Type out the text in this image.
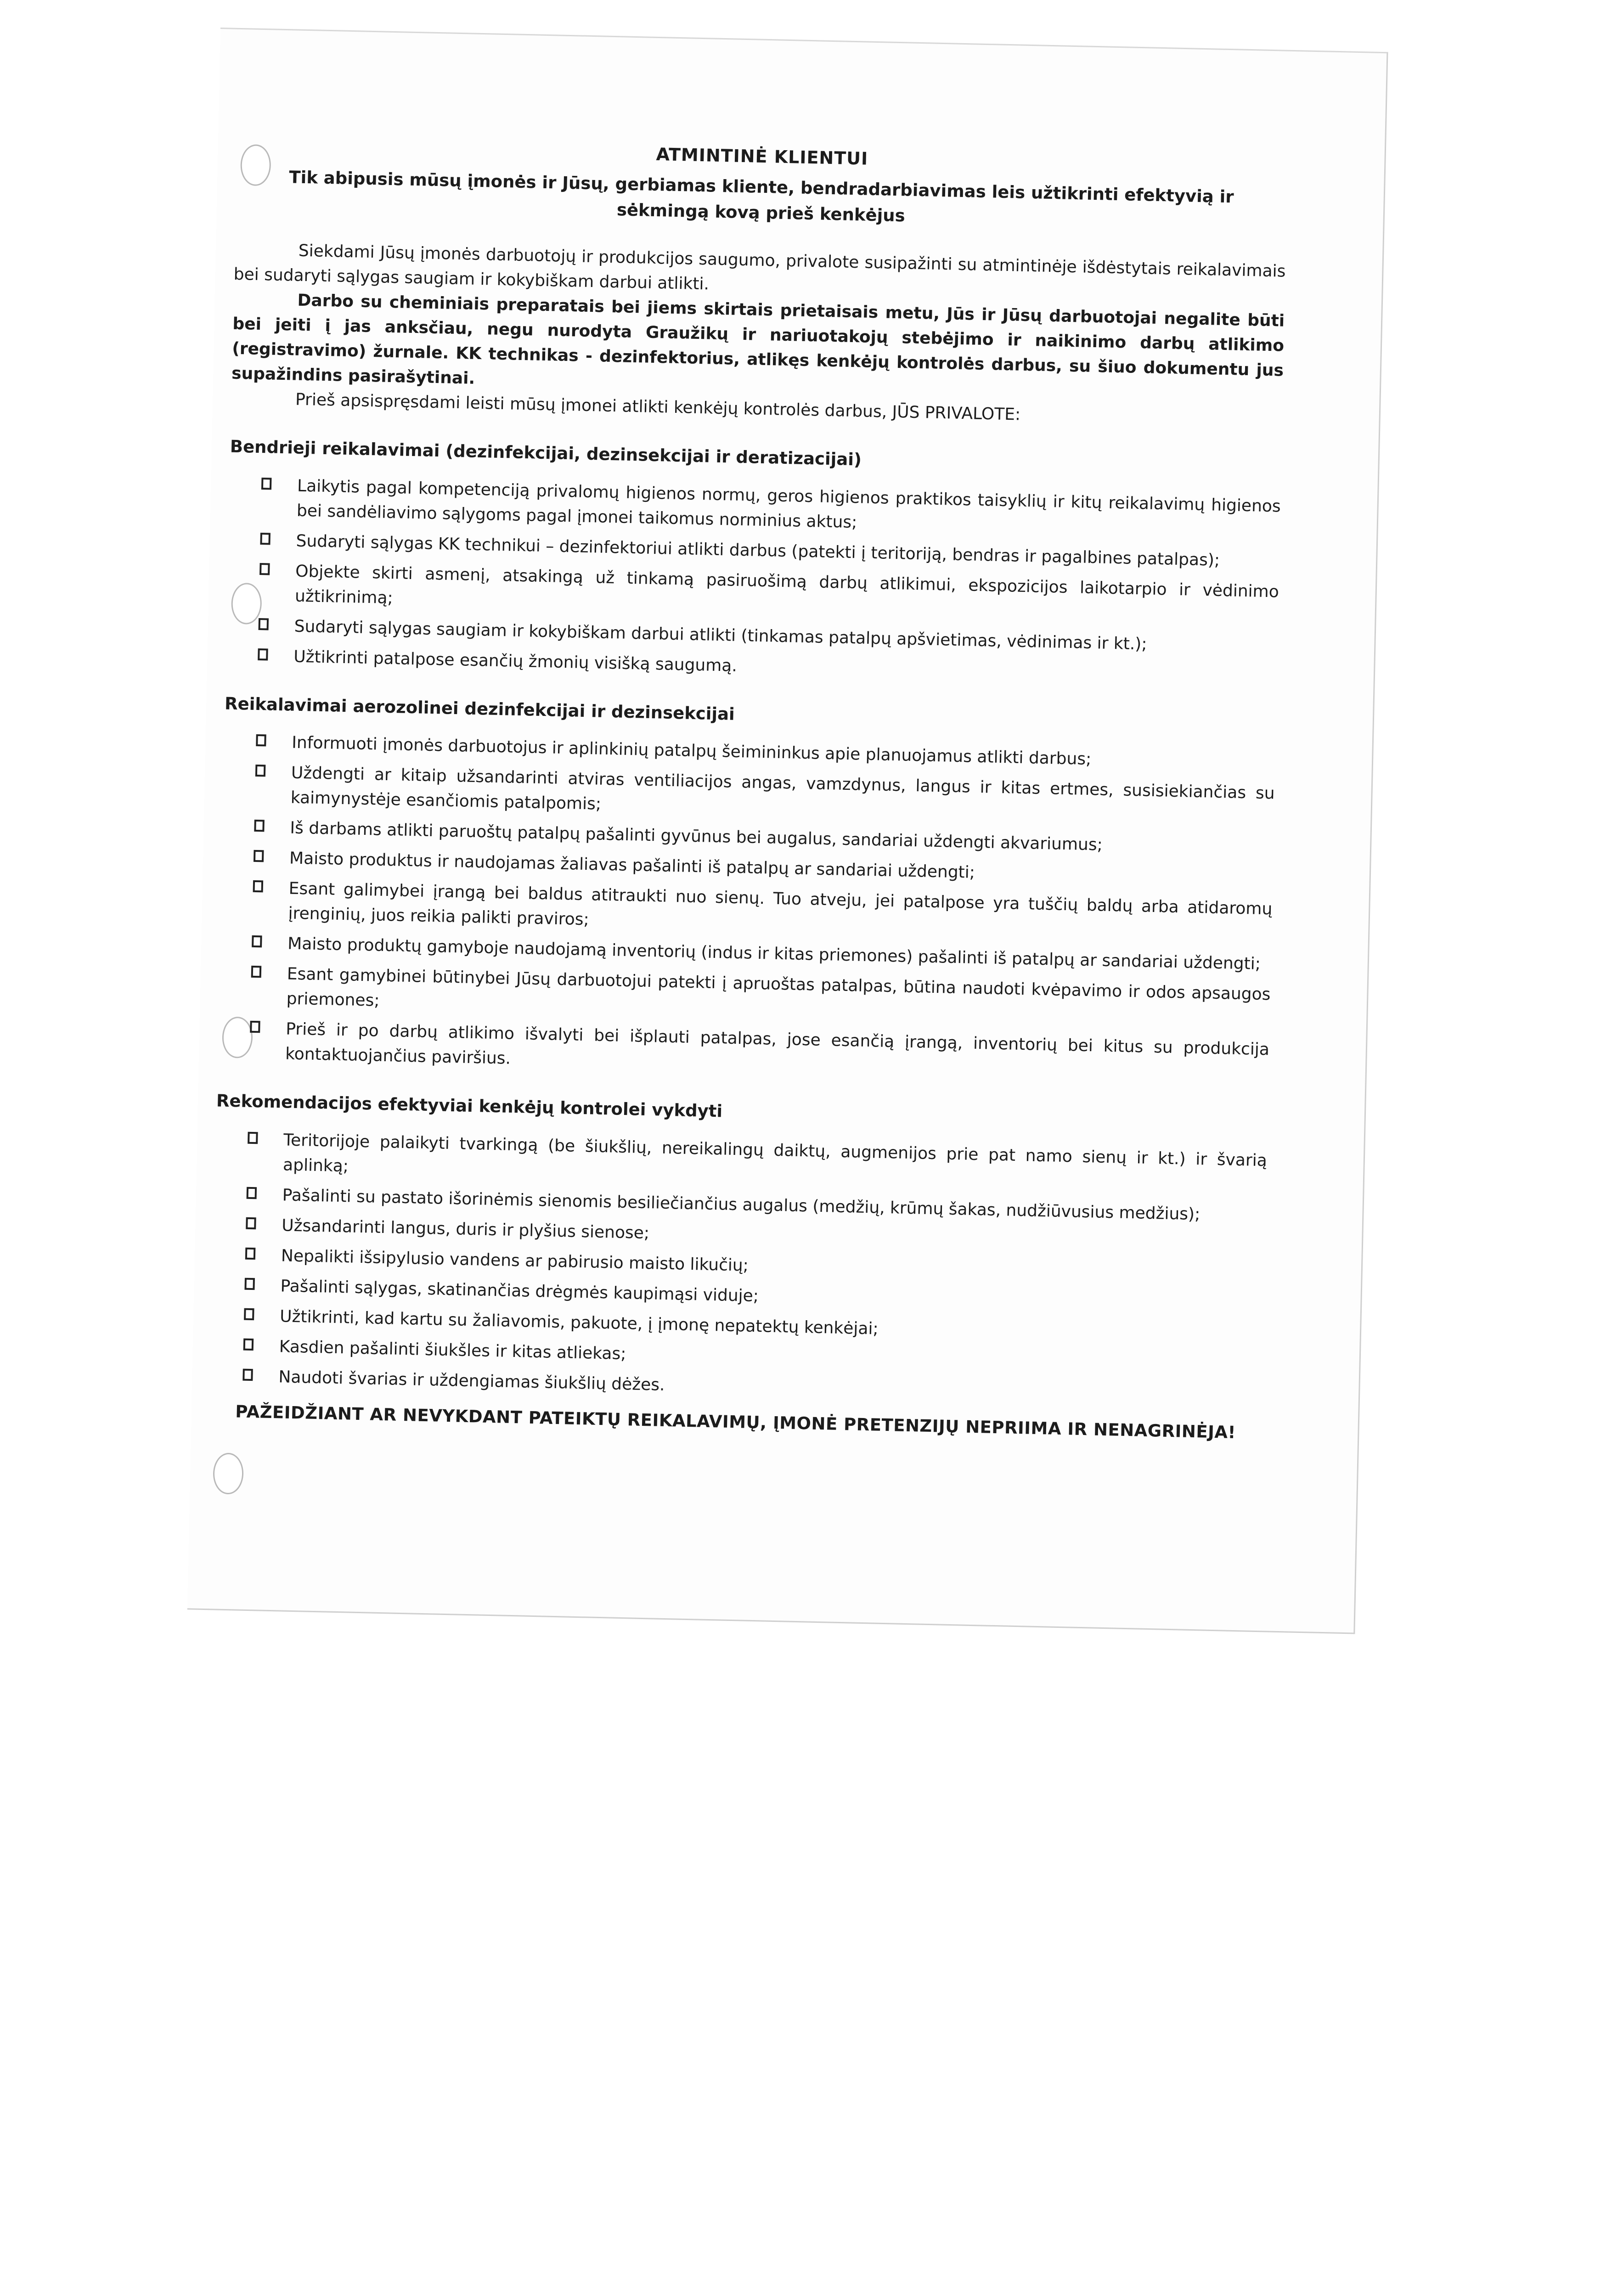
ATMINTINĖ KLIENTUI

Tik abipusis mūsų įmonės ir Jūsų, gerbiamas kliente, bendradarbiavimas leis užtikrinti efektyvią ir sėkmingą kovą prieš kenkėjus

Siekdami Jūsų įmonės darbuotojų ir produkcijos saugumo, privalote susipažinti su atmintinėje išdėstytais reikalavimais bei sudaryti sąlygas saugiam ir kokybiškam darbui atlikti.

Darbo su cheminiais preparatais bei jiems skirtais prietaisais metu, Jūs ir Jūsų darbuotojai negalite būti bei jeiti į jas anksčiau, negu nurodyta Graužikų ir nariuotakojų stebėjimo ir naikinimo darbų atlikimo (registravimo) žurnale. KK technikas - dezinfektorius, atlikęs kenkėjų kontrolės darbus, su šiuo dokumentu jus supažindins pasirašytinai.

Prieš apsispręsdami leisti mūsų įmonei atlikti kenkėjų kontrolės darbus, JŪS PRIVALOTE:

Bendrieji reikalavimai (dezinfekcijai, dezinsekcijai ir deratizacijai)

Laikytis pagal kompetenciją privalomų higienos normų, geros higienos praktikos taisyklių ir kitų reikalavimų higienos bei sandėliavimo sąlygoms pagal įmonei taikomus norminius aktus;
Sudaryti sąlygas KK technikui – dezinfektoriui atlikti darbus (patekti į teritoriją, bendras ir pagalbines patalpas);
Objekte skirti asmenį, atsakingą už tinkamą pasiruošimą darbų atlikimui, ekspozicijos laikotarpio ir vėdinimo užtikrinimą;
Sudaryti sąlygas saugiam ir kokybiškam darbui atlikti (tinkamas patalpų apšvietimas, vėdinimas ir kt.);
Užtikrinti patalpose esančių žmonių visišką saugumą.

Reikalavimai aerozolinei dezinfekcijai ir dezinsekcijai

Informuoti įmonės darbuotojus ir aplinkinių patalpų šeimininkus apie planuojamus atlikti darbus;
Uždengti ar kitaip užsandarinti atviras ventiliacijos angas, vamzdynus, langus ir kitas ertmes, susisiekiančias su kaimynystėje esančiomis patalpomis;
Iš darbams atlikti paruoštų patalpų pašalinti gyvūnus bei augalus, sandariai uždengti akvariumus;
Maisto produktus ir naudojamas žaliavas pašalinti iš patalpų ar sandariai uždengti;
Esant galimybei įrangą bei baldus atitraukti nuo sienų. Tuo atveju, jei patalpose yra tuščių baldų arba atidaromų įrenginių, juos reikia palikti praviros;
Maisto produktų gamyboje naudojamą inventorių (indus ir kitas priemones) pašalinti iš patalpų ar sandariai uždengti;
Esant gamybinei būtinybei Jūsų darbuotojui patekti į apruoštas patalpas, būtina naudoti kvėpavimo ir odos apsaugos priemones;
Prieš ir po darbų atlikimo išvalyti bei išplauti patalpas, jose esančią įrangą, inventorių bei kitus su produkcija kontaktuojančius paviršius.

Rekomendacijos efektyviai kenkėjų kontrolei vykdyti

Teritorijoje palaikyti tvarkingą (be šiukšlių, nereikalingų daiktų, augmenijos prie pat namo sienų ir kt.) ir švarią aplinką;
Pašalinti su pastato išorinėmis sienomis besiliečiančius augalus (medžių, krūmų šakas, nudžiūvusius medžius);
Užsandarinti langus, duris ir plyšius sienose;
Nepalikti išsipylusio vandens ar pabirusio maisto likučių;
Pašalinti sąlygas, skatinančias drėgmės kaupimąsi viduje;
Užtikrinti, kad kartu su žaliavomis, pakuote, į įmonę nepatektų kenkėjai;
Kasdien pašalinti šiukšles ir kitas atliekas;
Naudoti švarias ir uždengiamas šiukšlių dėžes.

PAŽEIDŽIANT AR NEVYKDANT PATEIKTŲ REIKALAVIMŲ, ĮMONĖ PRETENZIJŲ NEPRIIMA IR NENAGRINĖJA!
